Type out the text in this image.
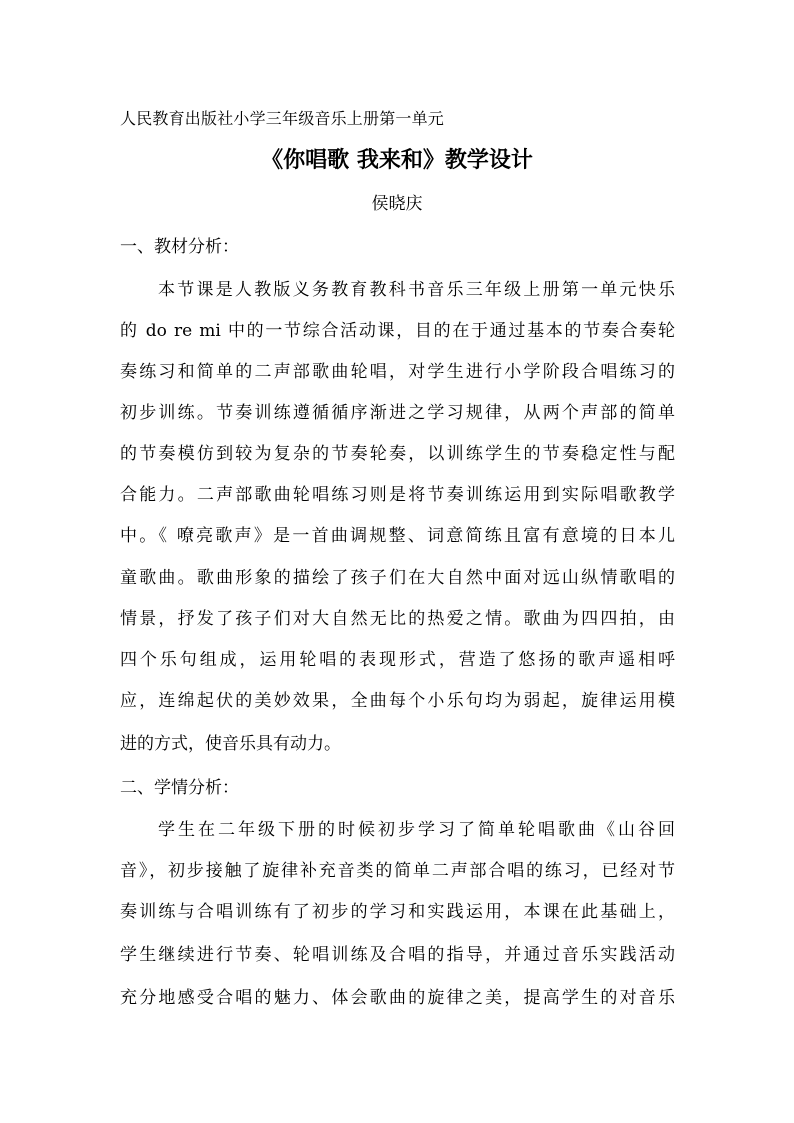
人民教育出版社小学三年级音乐上册第一单元
《你唱歌 我来和》教学设计
侯晓庆
一、教材分析：
本节课是人教版义务教育教科书音乐三年级上册第一单元快乐
的 do re mi 中的一节综合活动课，目的在于通过基本的节奏合奏轮
奏练习和简单的二声部歌曲轮唱，对学生进行小学阶段合唱练习的
初步训练。节奏训练遵循循序渐进之学习规律，从两个声部的简单
的节奏模仿到较为复杂的节奏轮奏，以训练学生的节奏稳定性与配
合能力。二声部歌曲轮唱练习则是将节奏训练运用到实际唱歌教学
中。《 嘹亮歌声》是一首曲调规整、词意简练且富有意境的日本儿
童歌曲。歌曲形象的描绘了孩子们在大自然中面对远山纵情歌唱的
情景，抒发了孩子们对大自然无比的热爱之情。歌曲为四四拍，由
四个乐句组成，运用轮唱的表现形式，营造了悠扬的歌声遥相呼
应，连绵起伏的美妙效果，全曲每个小乐句均为弱起，旋律运用模
进的方式，使音乐具有动力。
二、学情分析：
学生在二年级下册的时候初步学习了简单轮唱歌曲《山谷回
音》，初步接触了旋律补充音类的简单二声部合唱的练习，已经对节
奏训练与合唱训练有了初步的学习和实践运用，本课在此基础上，
学生继续进行节奏、轮唱训练及合唱的指导，并通过音乐实践活动
充分地感受合唱的魅力、体会歌曲的旋律之美，提高学生的对音乐
